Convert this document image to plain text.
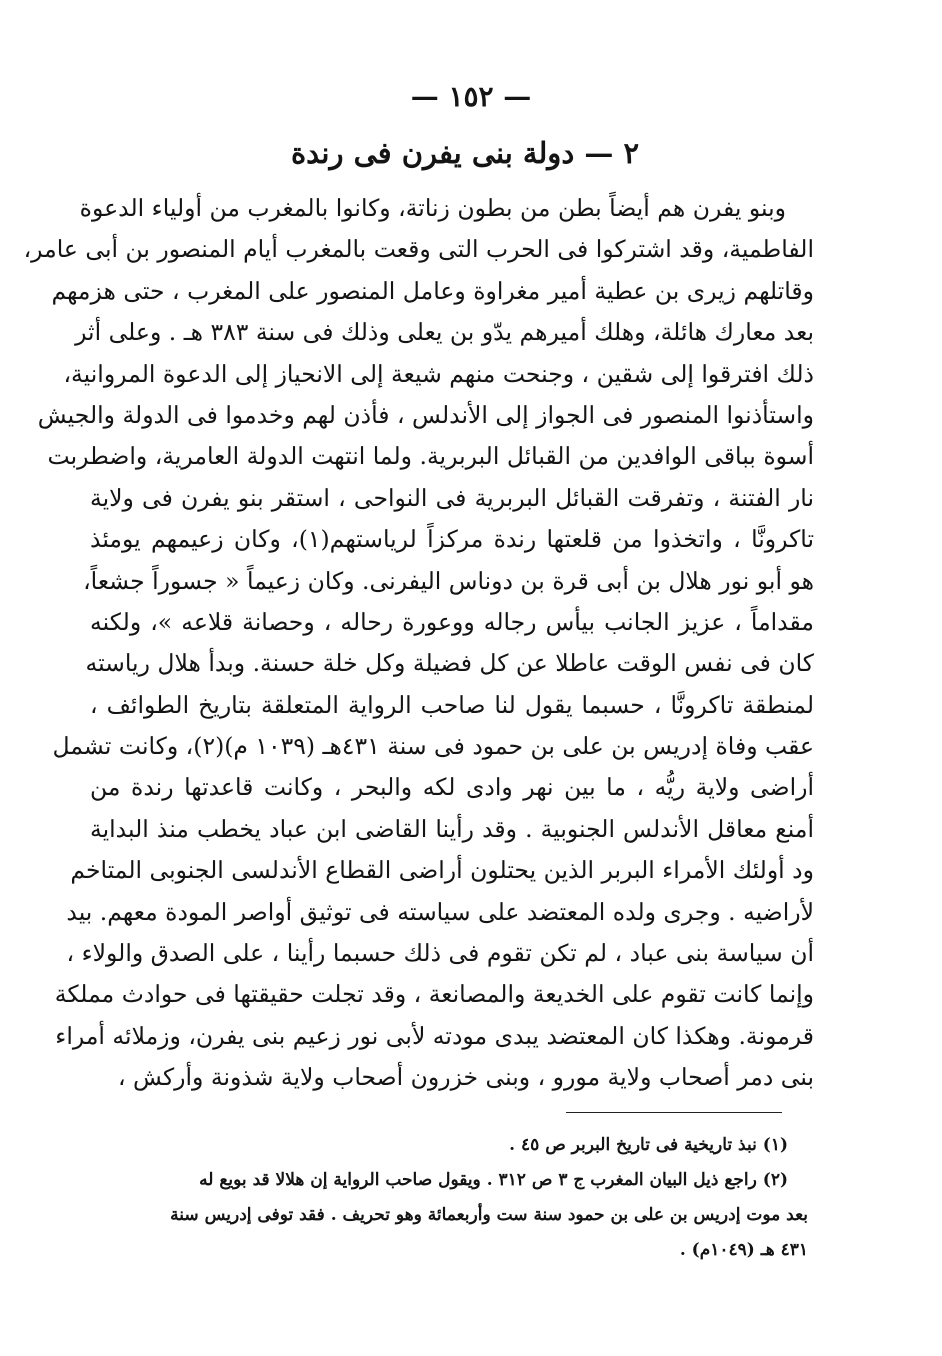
— ١٥٢ —
٢ — دولة بنى يفرن فى رندة
وبنو يفرن هم أيضاً بطن من بطون زناتة، وكانوا بالمغرب من أولياء الدعوة
الفاطمية، وقد اشتركوا فى الحرب التى وقعت بالمغرب أيام المنصور بن أبى عامر،
وقاتلهم زيرى بن عطية أمير مغراوة وعامل المنصور على المغرب ، حتى هزمهم
بعد معارك هائلة، وهلك أميرهم يدّو بن يعلى وذلك فى سنة ٣٨٣ هـ . وعلى أثر
ذلك افترقوا إلى شقين ، وجنحت منهم شيعة إلى الانحياز إلى الدعوة المروانية،
واستأذنوا المنصور فى الجواز إلى الأندلس ، فأذن لهم وخدموا فى الدولة والجيش
أسوة بباقى الوافدين من القبائل البربرية. ولما انتهت الدولة العامرية، واضطربت
نار الفتنة ، وتفرقت القبائل البربرية فى النواحى ، استقر بنو يفرن فى ولاية
تاكرونَّا ، واتخذوا من قلعتها رندة مركزاً لرياستهم(١)، وكان زعيمهم يومئذ
هو أبو نور هلال بن أبى قرة بن دوناس اليفرنى. وكان زعيماً « جسوراً جشعاً،
مقداماً ، عزيز الجانب بيأس رجاله ووعورة رحاله ، وحصانة قلاعه »، ولكنه
كان فى نفس الوقت عاطلا عن كل فضيلة وكل خلة حسنة. وبدأ هلال رياسته
لمنطقة تاكرونَّا ، حسبما يقول لنا صاحب الرواية المتعلقة بتاريخ الطوائف ،
عقب وفاة إدريس بن على بن حمود فى سنة ٤٣١هـ (١٠٣٩ م)(٢)، وكانت تشمل
أراضى ولاية ريُّه ، ما بين نهر وادى لكه والبحر ، وكانت قاعدتها رندة من
أمنع معاقل الأندلس الجنوبية . وقد رأينا القاضى ابن عباد يخطب منذ البداية
ود أولئك الأمراء البربر الذين يحتلون أراضى القطاع الأندلسى الجنوبى المتاخم
لأراضيه . وجرى ولده المعتضد على سياسته فى توثيق أواصر المودة معهم. بيد
أن سياسة بنى عباد ، لم تكن تقوم فى ذلك حسبما رأينا ، على الصدق والولاء ،
وإنما كانت تقوم على الخديعة والمصانعة ، وقد تجلت حقيقتها فى حوادث مملكة
قرمونة. وهكذا كان المعتضد يبدى مودته لأبى نور زعيم بنى يفرن، وزملائه أمراء
بنى دمر أصحاب ولاية مورو ، وبنى خزرون أصحاب ولاية شذونة وأركش ،
(١) نبذ تاريخية فى تاريخ البربر ص ٤٥ .
(٢) راجع ذيل البيان المغرب ج ٣ ص ٣١٢ . ويقول صاحب الرواية إن هلالا قد بويع له
بعد موت إدريس بن على بن حمود سنة ست وأربعمائة وهو تحريف . فقد توفى إدريس سنة
٤٣١ هـ (١٠٤٩م) .
